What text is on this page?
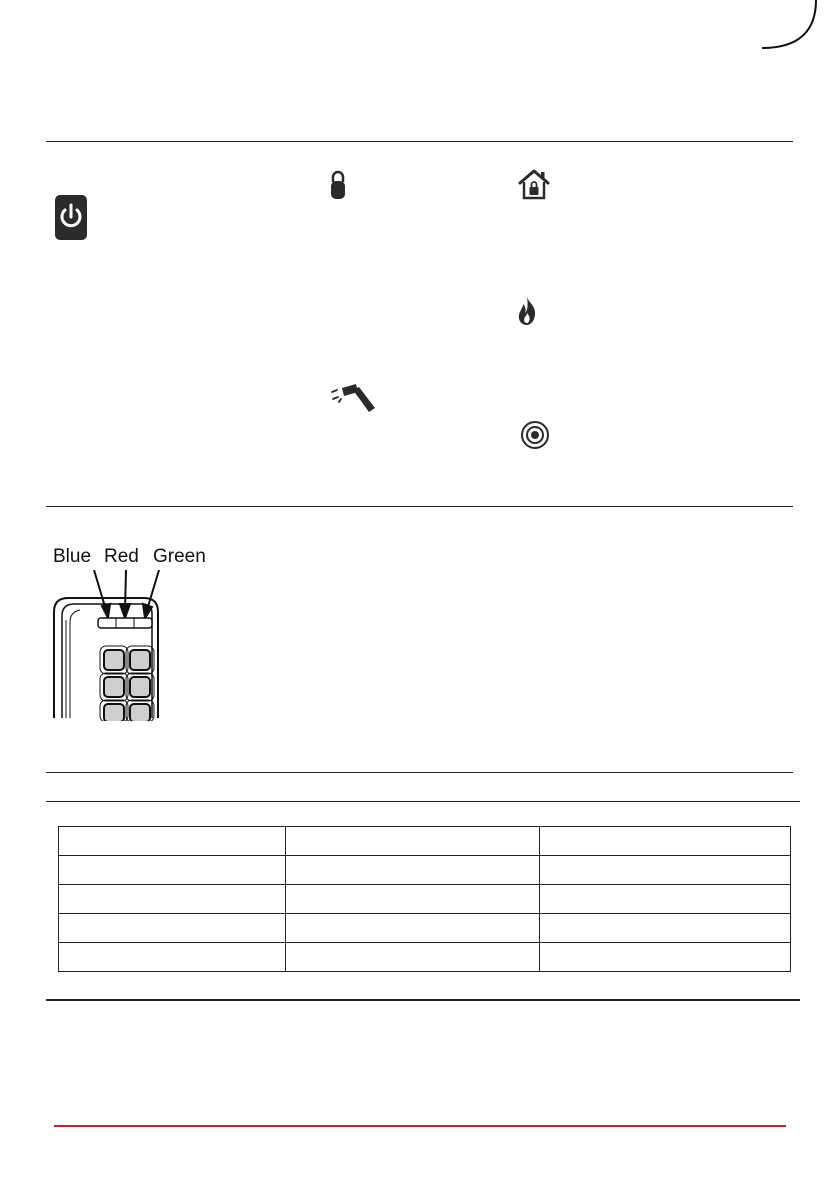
Blue Red Green
